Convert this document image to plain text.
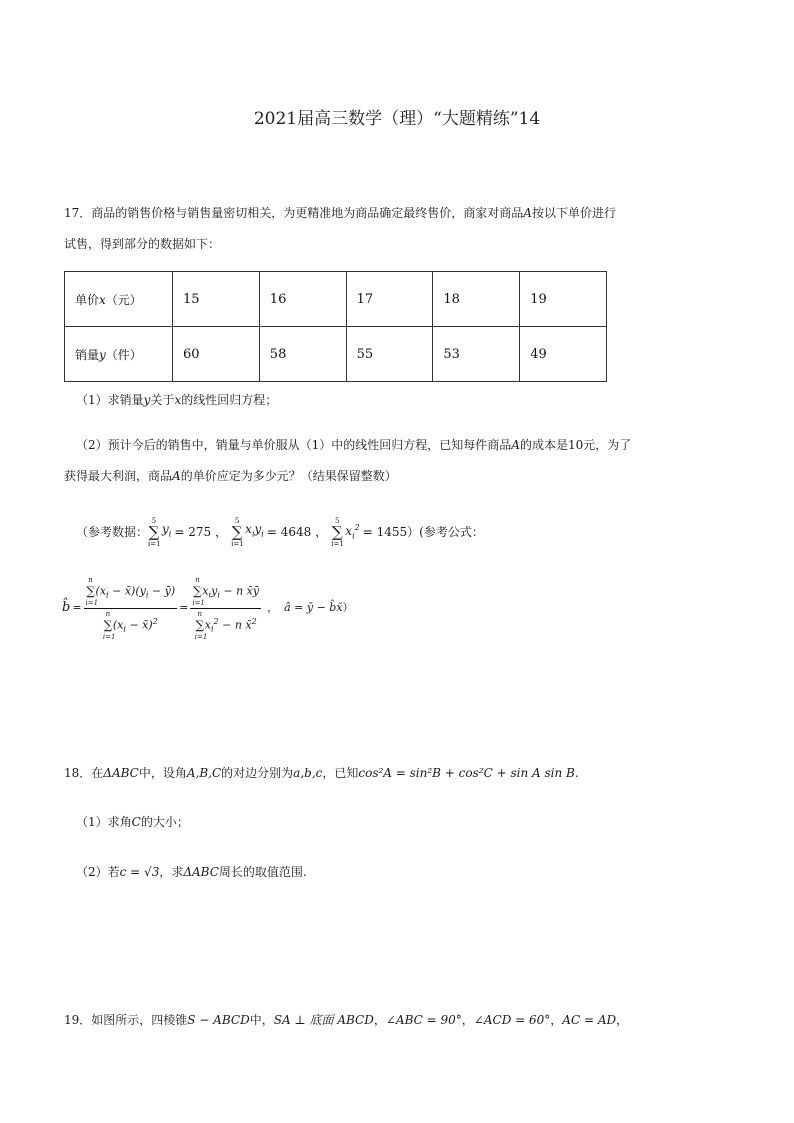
2021届高三数学（理）“大题精练”14
17．商品的销售价格与销售量密切相关，为更精准地为商品确定最终售价，商家对商品A按以下单价进行
试售，得到部分的数据如下：
单价x（元）	15	16	17	18	19
销量y（件）	60	58	55	53	49
（1）求销量y关于x的线性回归方程；
（2）预计今后的销售中，销量与单价服从（1）中的线性回归方程，已知每件商品A的成本是10元，为了
获得最大利润，商品A的单价应定为多少元？（结果保留整数）
（参考数据：
5
∑
i=1
$y_i = 275$ ，
5
∑
i=1
$x_iy_i = 4648$ ，
5
∑
i=1
$x_i^2 = 1455$ ）(参考公式：
b̂ = n
∑
i=1
($x_i$ − $x̄)(y_i$ − ȳ)
n
∑
i=1
($x_i$ − x̄)$^2$ = n
∑
i=1
$x_iy_i - n$ x̄ȳ
n
∑
i=1
$x_i^2 - n$ x̄$^2$ ， â = ȳ − b̂x̄ ）
18．在ΔABC中，设角A,B,C的对边分别为a,b,c，已知cos²A = sin²B + cos²C + sin A sin B.
（1）求角C的大小；
（2）若c = √3，求ΔABC周长的取值范围.
19．如图所示，四棱锥S − ABCD中，SA ⊥ 底面 ABCD，∠ABC = 90°，∠ACD = 60°，AC = AD，
